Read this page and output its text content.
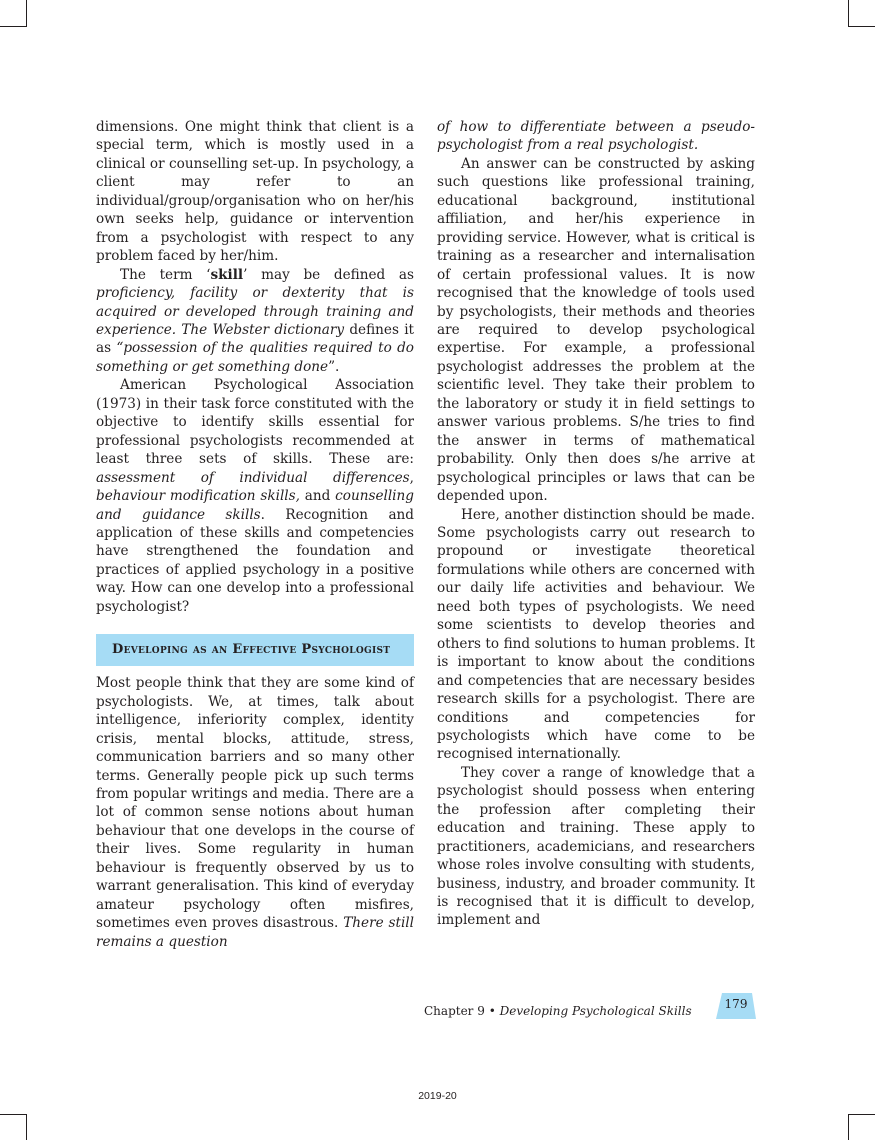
dimensions. One might think that client is a special term, which is mostly used in a clinical or counselling set-up. In psychology, a client may refer to an individual/group/organisation who on her/his own seeks help, guidance or intervention from a psychologist with respect to any problem faced by her/him.

The term ‘skill’ may be defined as proficiency, facility or dexterity that is acquired or developed through training and experience. The Webster dictionary defines it as “possession of the qualities required to do something or get something done”.

American Psychological Association (1973) in their task force constituted with the objective to identify skills essential for professional psychologists recommended at least three sets of skills. These are: assessment of individual differences, behaviour modification skills, and counselling and guidance skills. Recognition and application of these skills and competencies have strengthened the foundation and practices of applied psychology in a positive way. How can one develop into a professional psychologist?

Developing as an Effective Psychologist

Most people think that they are some kind of psychologists. We, at times, talk about intelligence, inferiority complex, identity crisis, mental blocks, attitude, stress, communication barriers and so many other terms. Generally people pick up such terms from popular writings and media. There are a lot of common sense notions about human behaviour that one develops in the course of their lives. Some regularity in human behaviour is frequently observed by us to warrant generalisation. This kind of everyday amateur psychology often misfires, sometimes even proves disastrous. There still remains a question

of how to differentiate between a pseudo-psychologist from a real psychologist.

An answer can be constructed by asking such questions like professional training, educational background, institutional affiliation, and her/his experience in providing service. However, what is critical is training as a researcher and internalisation of certain professional values. It is now recognised that the knowledge of tools used by psychologists, their methods and theories are required to develop psychological expertise. For example, a professional psychologist addresses the problem at the scientific level. They take their problem to the laboratory or study it in field settings to answer various problems. S/he tries to find the answer in terms of mathematical probability. Only then does s/he arrive at psychological principles or laws that can be depended upon.

Here, another distinction should be made. Some psychologists carry out research to propound or investigate theoretical formulations while others are concerned with our daily life activities and behaviour. We need both types of psychologists. We need some scientists to develop theories and others to find solutions to human problems. It is important to know about the conditions and competencies that are necessary besides research skills for a psychologist. There are conditions and competencies for psychologists which have come to be recognised internationally.

They cover a range of knowledge that a psychologist should possess when entering the profession after completing their education and training. These apply to practitioners, academicians, and researchers whose roles involve consulting with students, business, industry, and broader community. It is recognised that it is difficult to develop, implement and

Chapter 9 • Developing Psychological Skills	179
2019-20
